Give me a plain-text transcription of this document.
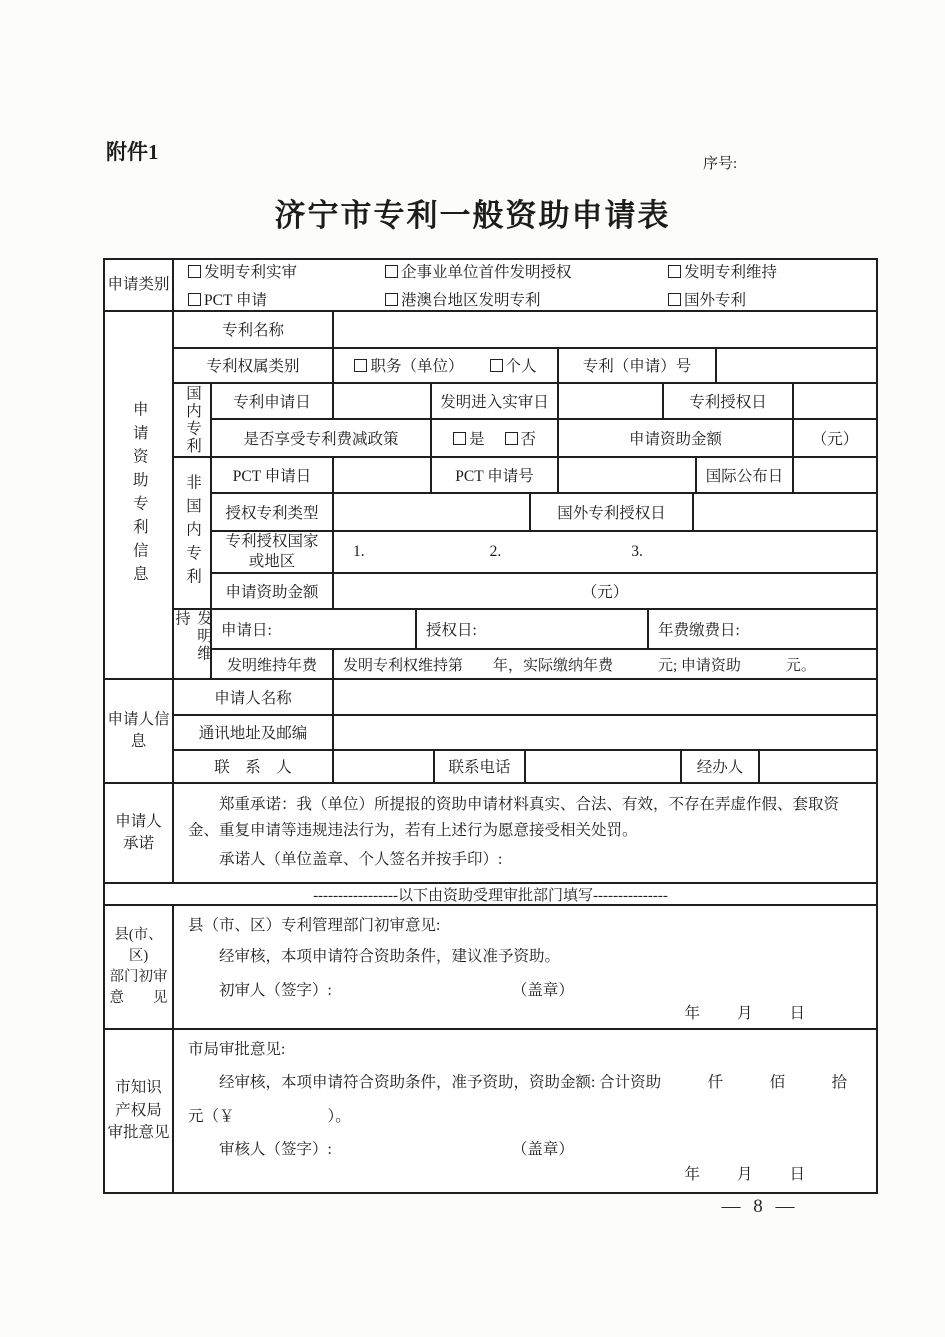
附件1	序号:
济宁市专利一般资助申请表
申请类别
发明专利实审	企事业单位首件发明授权	发明专利维持
PCT 申请	港澳台地区发明专利	国外专利
申请资助专利信息
专利名称
专利权属类别	职务（单位）	个人	专利（申请）号
国内专利	专利申请日	发明进入实审日	专利授权日
是否享受专利费减政策	是 否	申请资助金额	（元）
非国内专利	PCT 申请日	PCT 申请号	国际公布日
授权专利类型	国外专利授权日
专利授权国家或地区
1.	2.	3.
申请资助金额	（元）
发明维持
申请日:	授权日:	年费缴费日:
发明维持年费	发明专利权维持第　　年，实际缴纳年费　　　元; 申请资助　　　元。
申请人信息
申请人名称
通讯地址及邮编
联　系　人	联系电话	经办人
申请人承诺
郑重承诺：我（单位）所提报的资助申请材料真实、合法、有效，不存在弄虚作假、套取资金、重复申请等违规违法行为，若有上述行为愿意接受相关处罚。
承诺人（单位盖章、个人签名并按手印）:
-----------------以下由资助受理审批部门填写---------------
县(市、区)
部门初审
意　　见
县（市、区）专利管理部门初审意见:
经审核，本项申请符合资助条件，建议准予资助。
初审人（签字）:	（盖章）
年　　月　　日
市知识
产权局
审批意见
市局审批意见:
经审核，本项申请符合资助条件，准予资助，资助金额: 合计资助　　　仟　　　佰　　　拾
元（￥　　　　　　）。
审核人（签字）:	（盖章）
年　　月　　日
— 8 —
